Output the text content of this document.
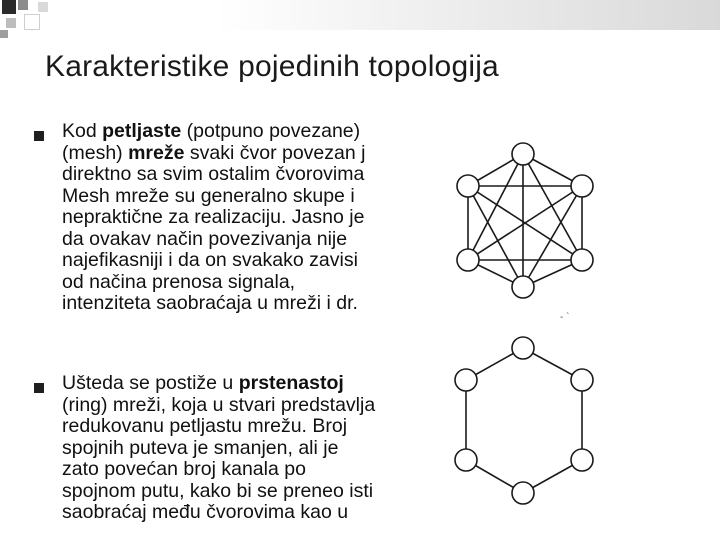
Karakteristike pojedinih topologija
Kod petljaste (potpuno povezane)
(mesh) mreže svaki čvor povezan j
direktno sa svim ostalim čvorovima
Mesh mreže su generalno skupe i
nepraktične za realizaciju. Jasno je
da ovakav način povezivanja nije
najefikasniji i da on svakako zavisi
od načina prenosa signala,
intenziteta saobraćaja u mreži i dr.
Ušteda se postiže u prstenastoj
(ring) mreži, koja u stvari predstavlja
redukovanu petljastu mrežu. Broj
spojnih puteva je smanjen, ali je
zato povećan broj kanala po
spojnom putu, kako bi se preneo isti
saobraćaj među čvorovima kao u
- `
